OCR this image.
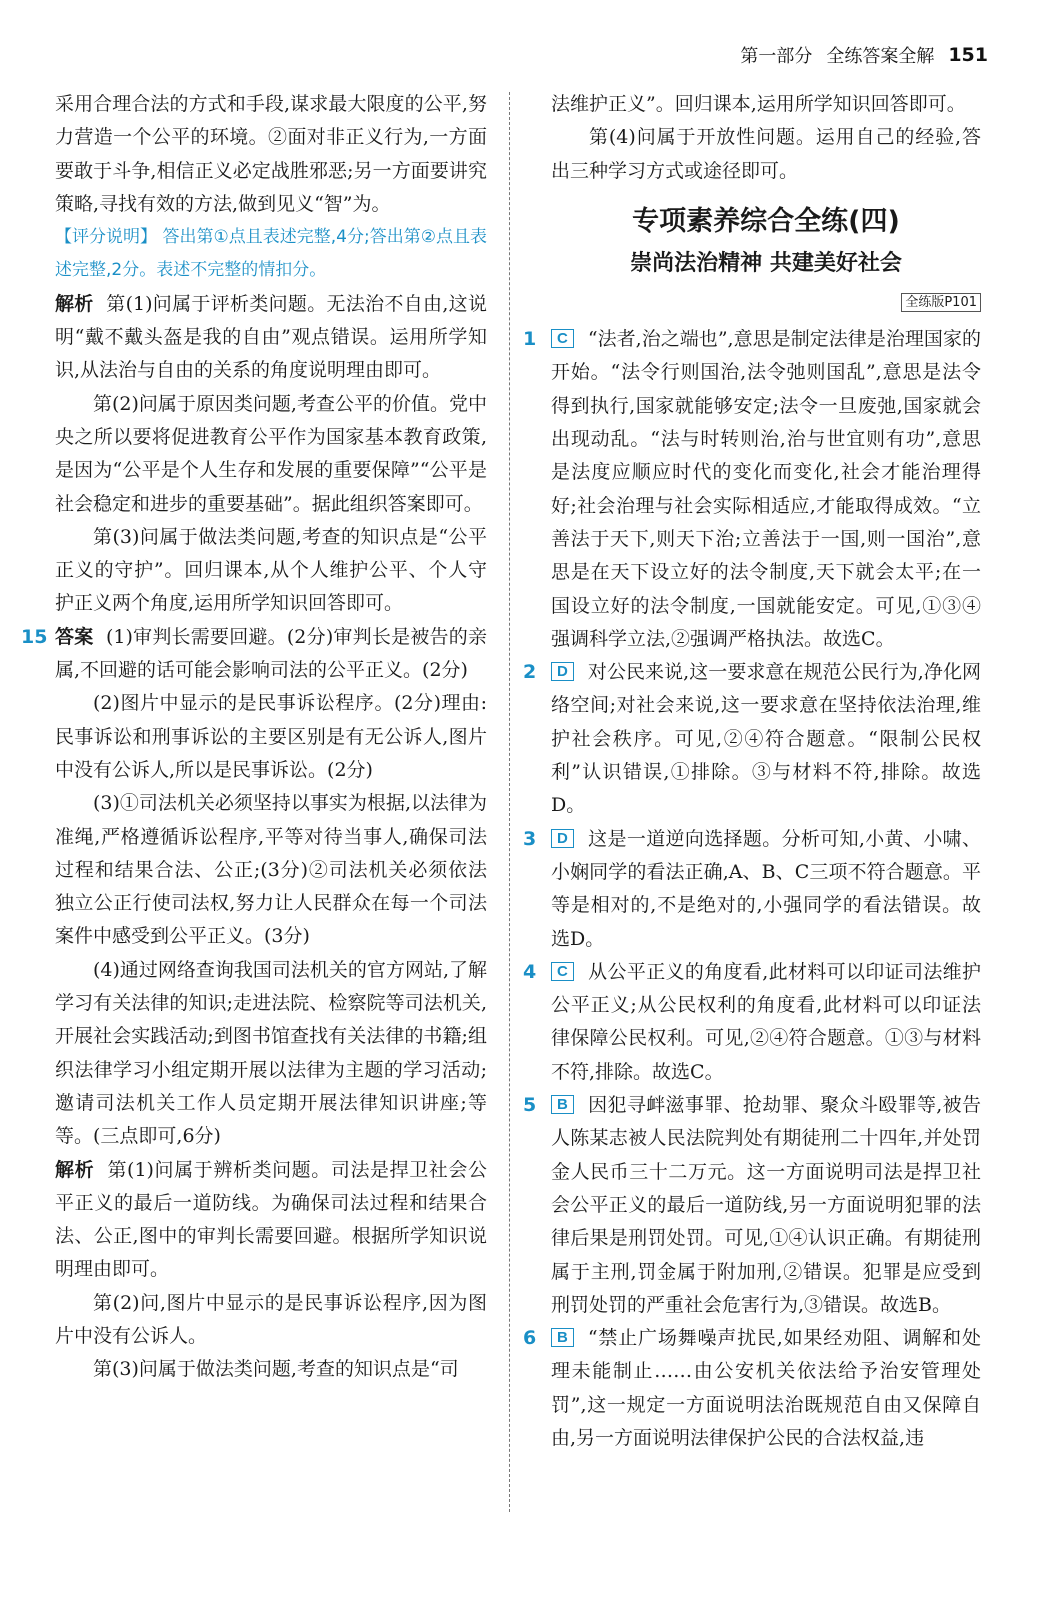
第一部分 全练答案全解 151

采用合理合法的方式和手段,谋求最大限度的公平,努力营造一个公平的环境。②面对非正义行为,一方面要敢于斗争,相信正义必定战胜邪恶;另一方面要讲究策略,寻找有效的方法,做到见义“智”为。

【评分说明】 答出第①点且表述完整,4分;答出第②点且表述完整,2分。表述不完整的情扣分。

解析 第(1)问属于评析类问题。无法治不自由,这说明“戴不戴头盔是我的自由”观点错误。运用所学知识,从法治与自由的关系的角度说明理由即可。

第(2)问属于原因类问题,考查公平的价值。党中央之所以要将促进教育公平作为国家基本教育政策,是因为“公平是个人生存和发展的重要保障”“公平是社会稳定和进步的重要基础”。据此组织答案即可。

第(3)问属于做法类问题,考查的知识点是“公平正义的守护”。回归课本,从个人维护公平、个人守护正义两个角度,运用所学知识回答即可。

15 答案 (1)审判长需要回避。(2分)审判长是被告的亲属,不回避的话可能会影响司法的公平正义。(2分)

(2)图片中显示的是民事诉讼程序。(2分)理由:民事诉讼和刑事诉讼的主要区别是有无公诉人,图片中没有公诉人,所以是民事诉讼。(2分)

(3)①司法机关必须坚持以事实为根据,以法律为准绳,严格遵循诉讼程序,平等对待当事人,确保司法过程和结果合法、公正;(3分)②司法机关必须依法独立公正行使司法权,努力让人民群众在每一个司法案件中感受到公平正义。(3分)

(4)通过网络查询我国司法机关的官方网站,了解学习有关法律的知识;走进法院、检察院等司法机关,开展社会实践活动;到图书馆查找有关法律的书籍;组织法律学习小组定期开展以法律为主题的学习活动;邀请司法机关工作人员定期开展法律知识讲座;等等。(三点即可,6分)

解析 第(1)问属于辨析类问题。司法是捍卫社会公平正义的最后一道防线。为确保司法过程和结果合法、公正,图中的审判长需要回避。根据所学知识说明理由即可。

第(2)问,图片中显示的是民事诉讼程序,因为图片中没有公诉人。

第(3)问属于做法类问题,考查的知识点是“司

法维护正义”。回归课本,运用所学知识回答即可。

第(4)问属于开放性问题。运用自己的经验,答出三种学习方式或途径即可。

专项素养综合全练(四)
崇尚法治精神 共建美好社会
全练版P101
1	C “法者,治之端也”,意思是制定法律是治理国家的开始。“法令行则国治,法令弛则国乱”,意思是法令得到执行,国家就能够安定;法令一旦废弛,国家就会出现动乱。“法与时转则治,治与世宜则有功”,意思是法度应顺应时代的变化而变化,社会才能治理得好;社会治理与社会实际相适应,才能取得成效。“立善法于天下,则天下治;立善法于一国,则一国治”,意思是在天下设立好的法令制度,天下就会太平;在一国设立好的法令制度,一国就能安定。可见,①③④强调科学立法,②强调严格执法。故选C。

2	D 对公民来说,这一要求意在规范公民行为,净化网络空间;对社会来说,这一要求意在坚持依法治理,维护社会秩序。可见,②④符合题意。“限制公民权利”认识错误,①排除。③与材料不符,排除。故选D。

3	D 这是一道逆向选择题。分析可知,小黄、小啸、小娴同学的看法正确,A、B、C三项不符合题意。平等是相对的,不是绝对的,小强同学的看法错误。故选D。

4	C 从公平正义的角度看,此材料可以印证司法维护公平正义;从公民权利的角度看,此材料可以印证法律保障公民权利。可见,②④符合题意。①③与材料不符,排除。故选C。

5	B 因犯寻衅滋事罪、抢劫罪、聚众斗殴罪等,被告人陈某志被人民法院判处有期徒刑二十四年,并处罚金人民币三十二万元。这一方面说明司法是捍卫社会公平正义的最后一道防线,另一方面说明犯罪的法律后果是刑罚处罚。可见,①④认识正确。有期徒刑属于主刑,罚金属于附加刑,②错误。犯罪是应受到刑罚处罚的严重社会危害行为,③错误。故选B。

6	B “禁止广场舞噪声扰民,如果经劝阻、调解和处理未能制止……由公安机关依法给予治安管理处罚”,这一规定一方面说明法治既规范自由又保障自由,另一方面说明法律保护公民的合法权益,违
